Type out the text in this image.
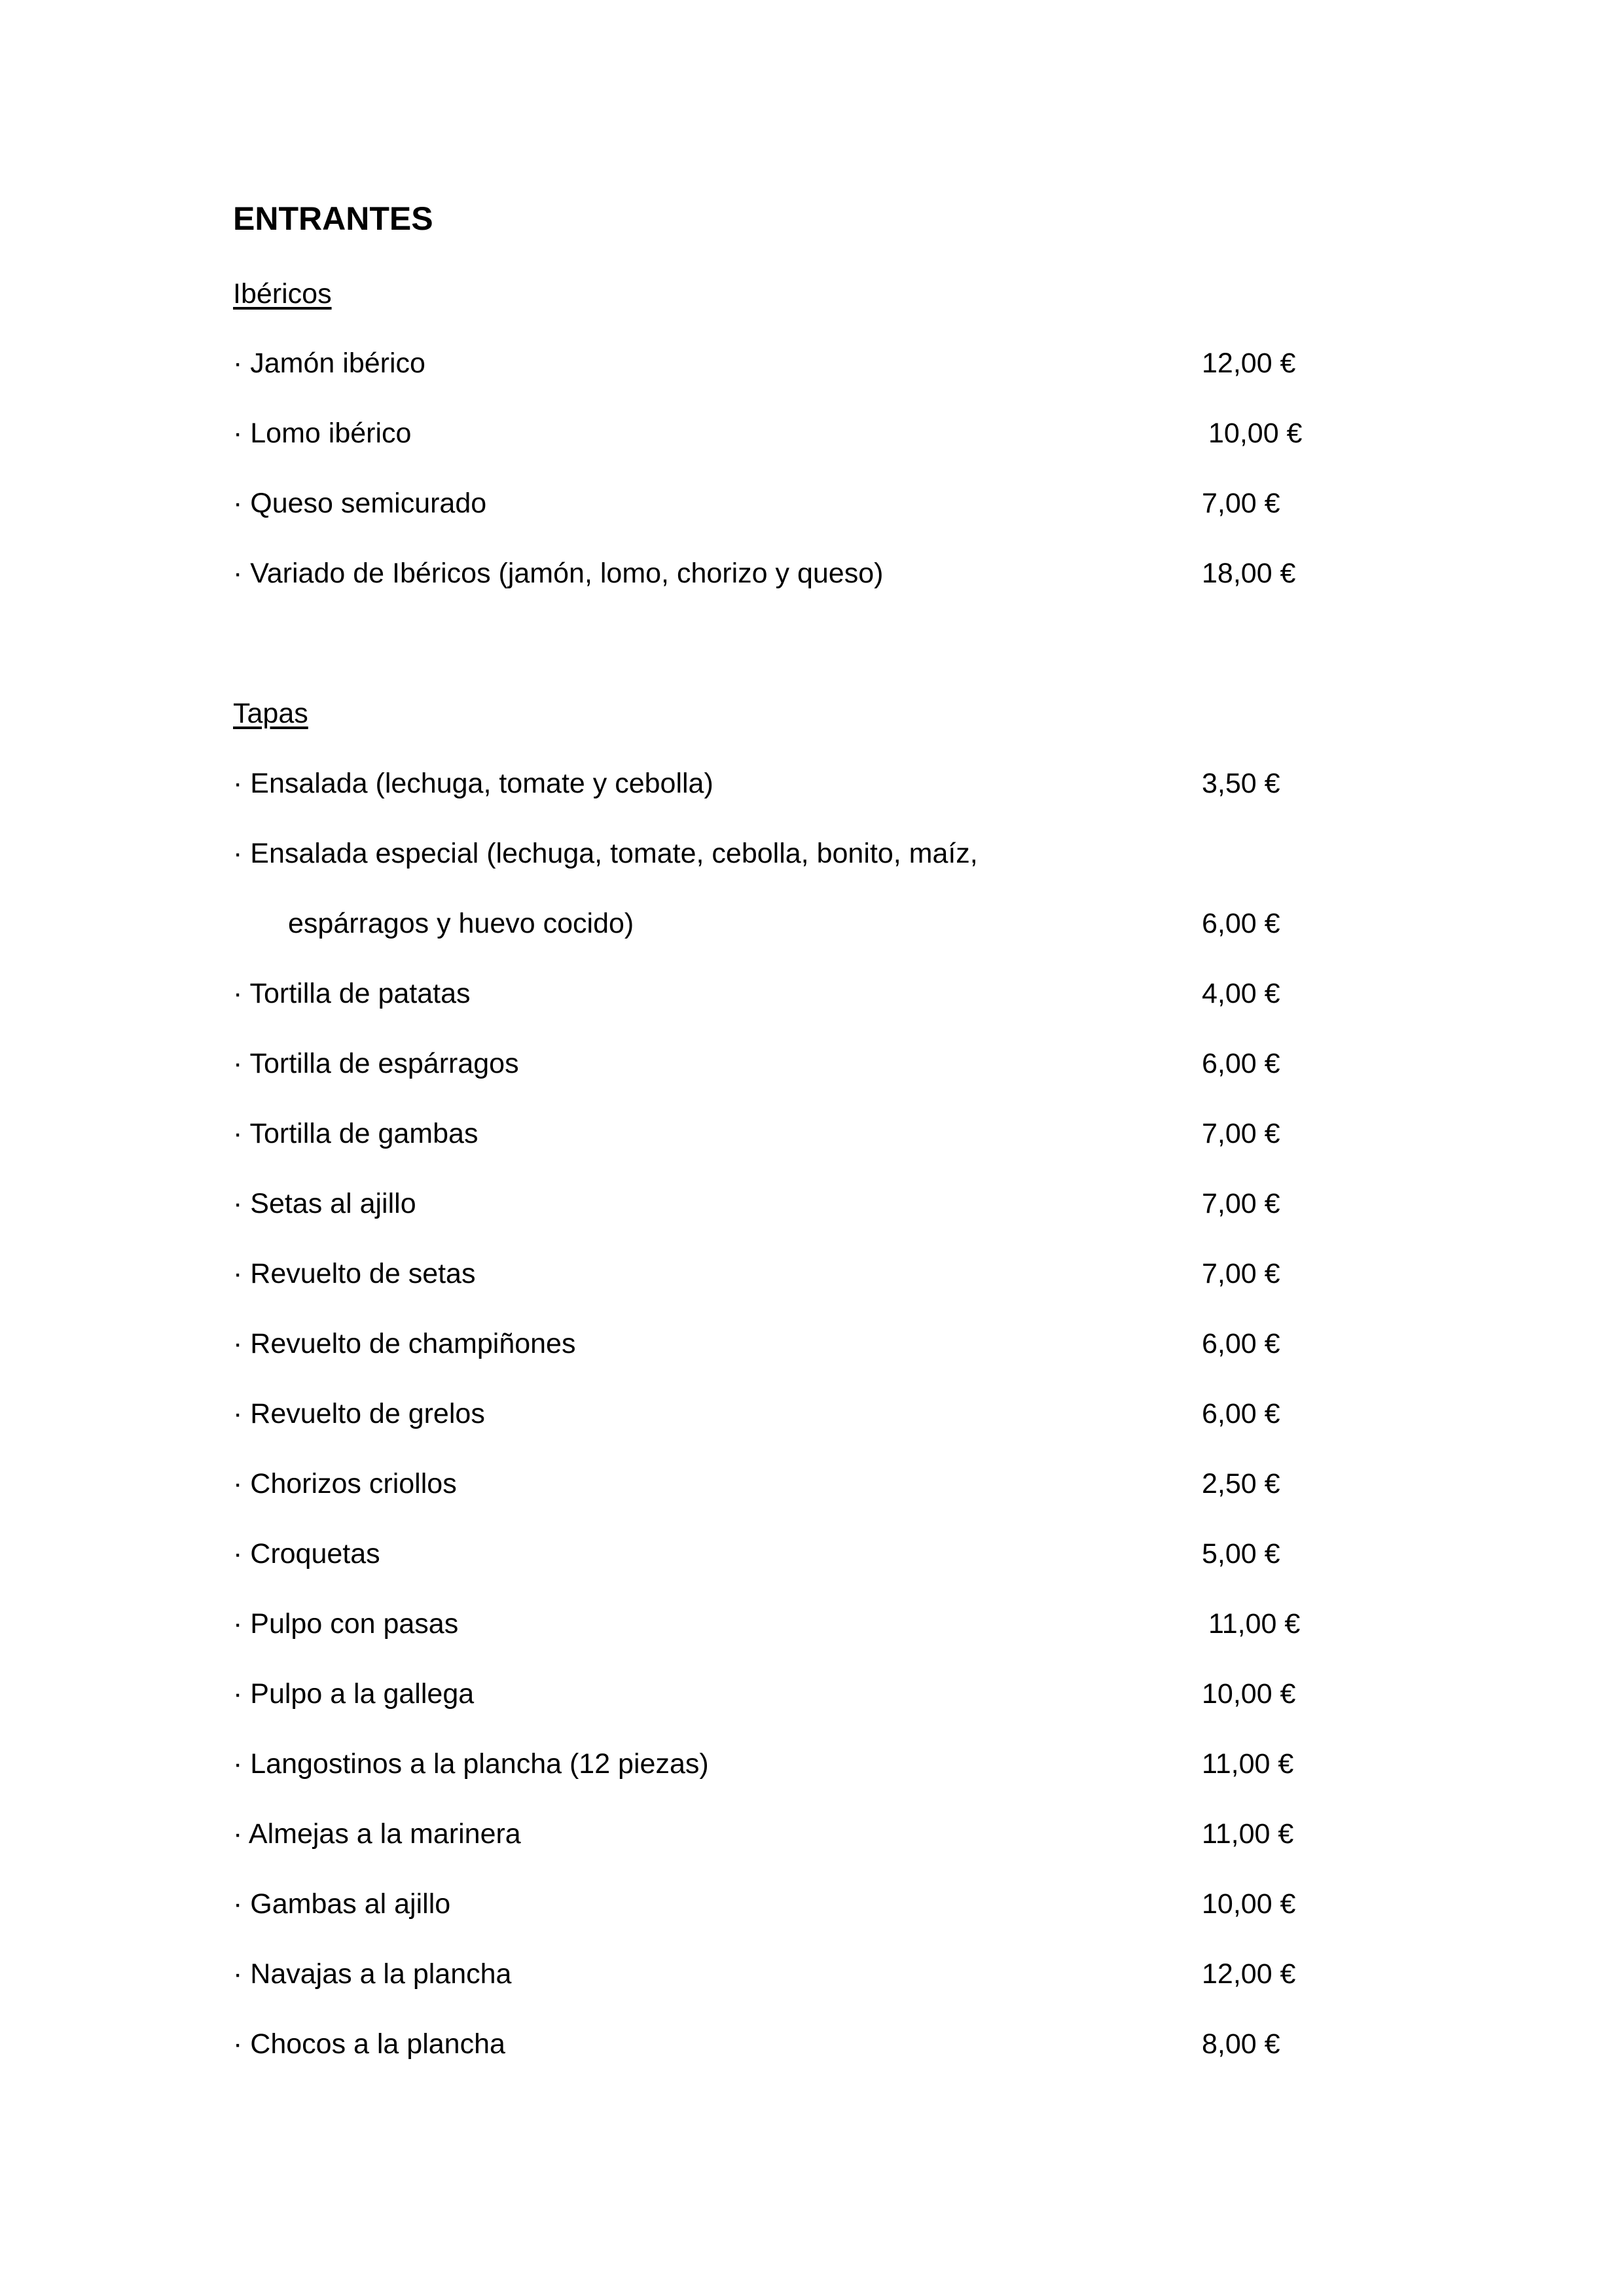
ENTRANTES
Ibéricos
· Jamón ibérico	12,00 €
· Lomo ibérico	10,00 €
· Queso semicurado	7,00 €
· Variado de Ibéricos (jamón, lomo, chorizo y queso)	18,00 €
Tapas
· Ensalada (lechuga, tomate y cebolla)	3,50 €
· Ensalada especial (lechuga, tomate, cebolla, bonito, maíz,
espárragos y huevo cocido)	6,00 €
· Tortilla de patatas	4,00 €
· Tortilla de espárragos	6,00 €
· Tortilla de gambas	7,00 €
· Setas al ajillo	7,00 €
· Revuelto de setas	7,00 €
· Revuelto de champiñones	6,00 €
· Revuelto de grelos	6,00 €
· Chorizos criollos	2,50 €
· Croquetas	5,00 €
· Pulpo con pasas	11,00 €
· Pulpo a la gallega	10,00 €
· Langostinos a la plancha (12 piezas)	11,00 €
· Almejas a la marinera	11,00 €
· Gambas al ajillo	10,00 €
· Navajas a la plancha	12,00 €
· Chocos a la plancha	8,00 €
